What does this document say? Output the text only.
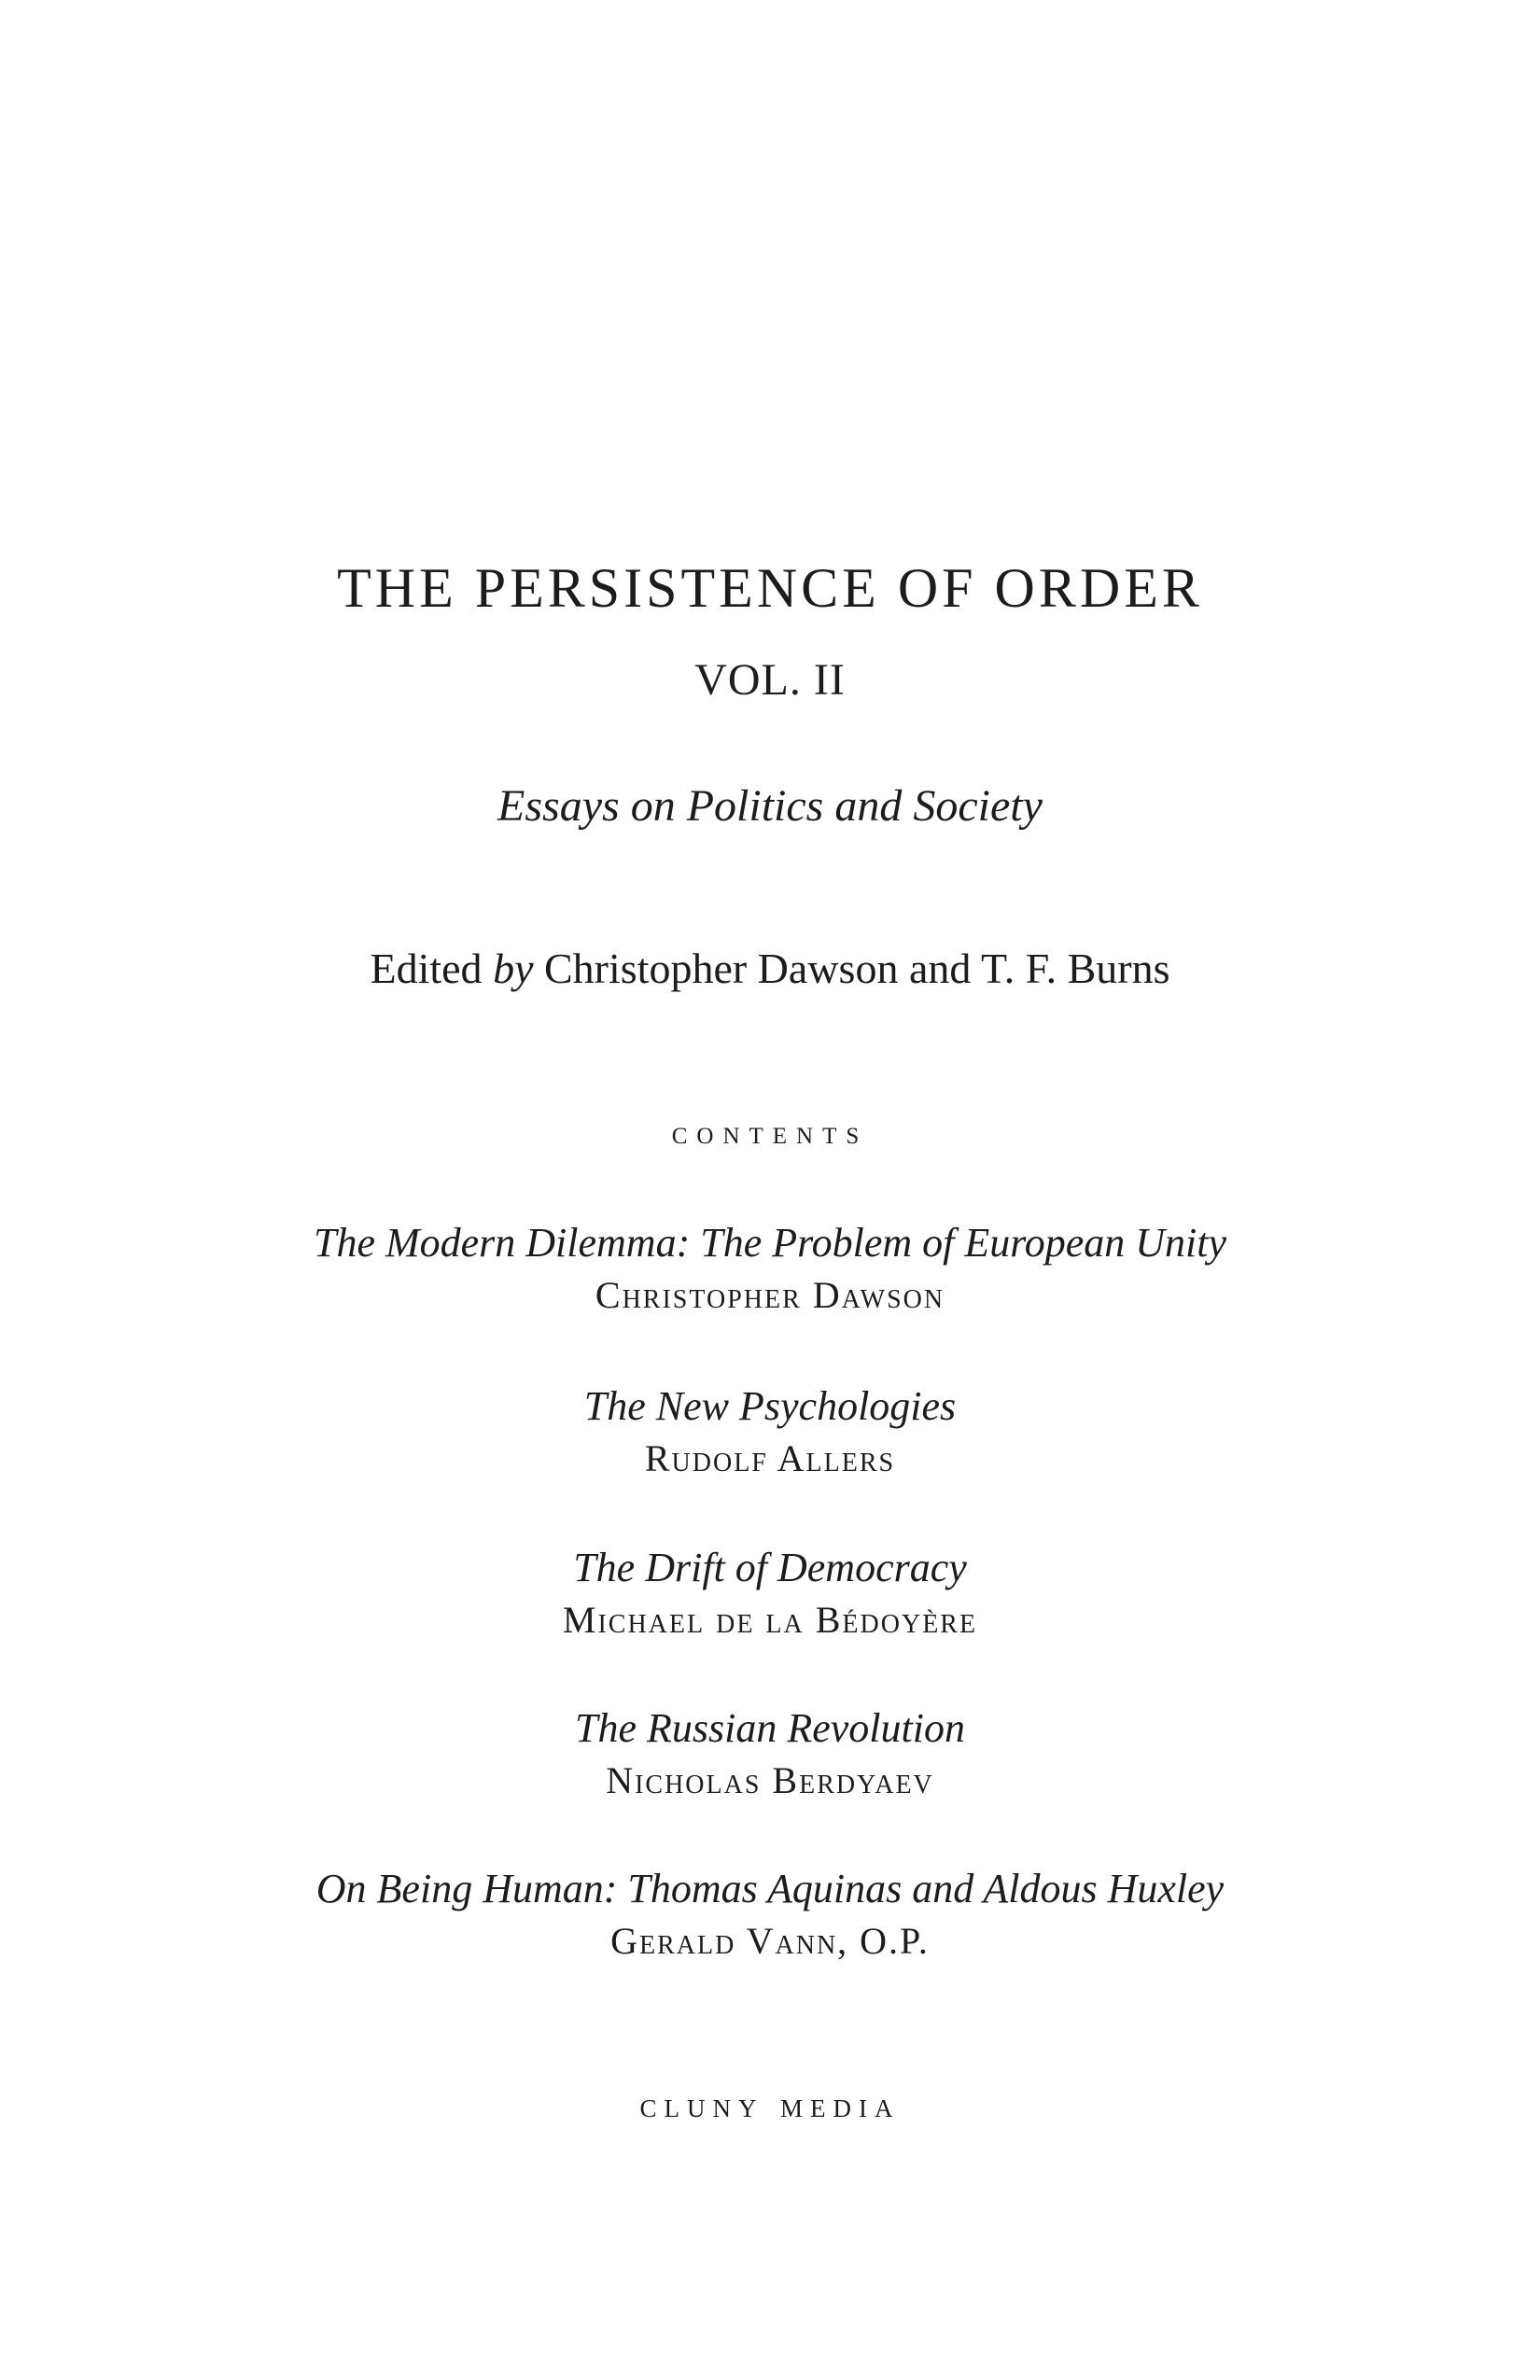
THE PERSISTENCE OF ORDER
VOL. II
Essays on Politics and Society
Edited by Christopher Dawson and T. F. Burns
contents
The Modern Dilemma: The Problem of European Unity
Christopher Dawson
The New Psychologies
Rudolf Allers
The Drift of Democracy
Michael de la Bédoyère
The Russian Revolution
Nicholas Berdyaev
On Being Human: Thomas Aquinas and Aldous Huxley
Gerald Vann, O.P.
cluny media
